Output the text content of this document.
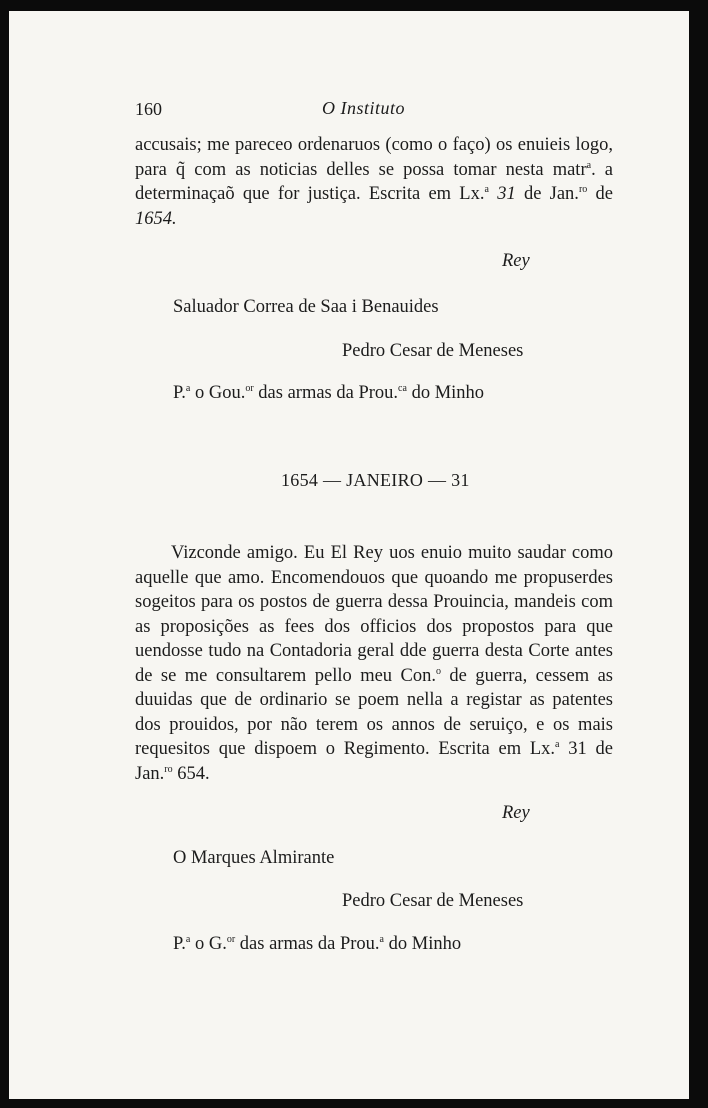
160	O Instituto

accusais; me pareceo ordenaruos (como o faço) os enuieis logo, para q̃ com as noticias delles se possa tomar nesta matr$^a$. a determinaçaõ que for justiça. Escrita em Lx.$^a$ 31 de Jan.$^{ro}$ de 1654.

Rey

Saluador Correa de Saa i Benauides

Pedro Cesar de Meneses

P.$^a$ o Gou.$^{or}$ das armas da Prou.$^{ca}$ do Minho

1654 — JANEIRO — 31

Vizconde amigo. Eu El Rey uos enuio muito saudar como aquelle que amo. Encomendouos que quoando me propuserdes sogeitos para os postos de guerra dessa Prouincia, mandeis com as proposições as fees dos officios dos propostos para que uendosse tudo na Contadoria geral dde guerra desta Corte antes de se me consultarem pello meu Con.$^o$ de guerra, cessem as duuidas que de ordinario se poem nella a registar as patentes dos prouidos, por não terem os annos de seruiço, e os mais requesitos que dispoem o Regimento. Escrita em Lx.$^a$ 31 de Jan.$^{ro}$ 654.

Rey

O Marques Almirante

Pedro Cesar de Meneses

P.$^a$ o G.$^{or}$ das armas da Prou.$^a$ do Minho
